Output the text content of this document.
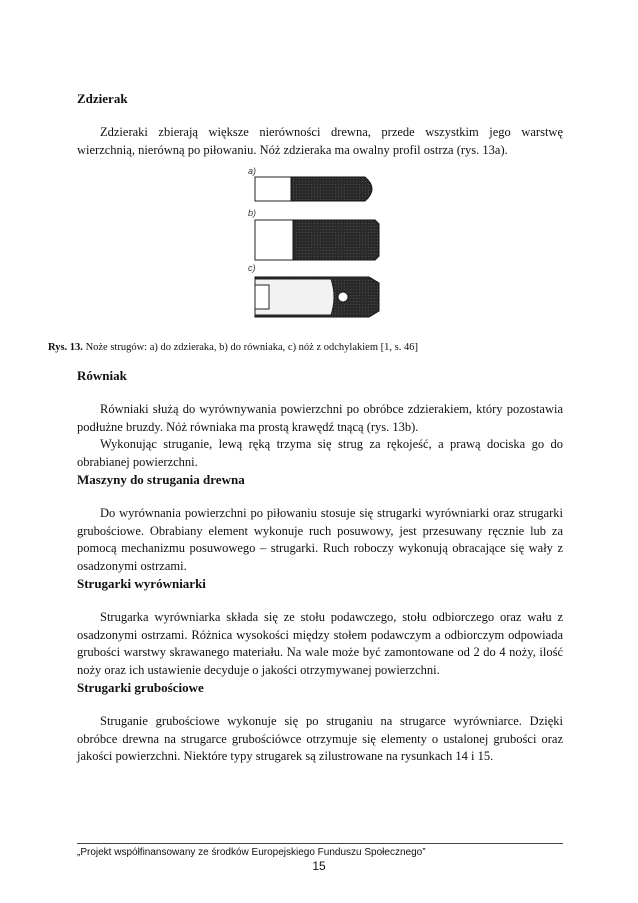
Zdzierak

Zdzieraki zbierają większe nierówności drewna, przede wszystkim jego warstwę wierzchnią, nierówną po piłowaniu. Nóż zdzieraka ma owalny profil ostrza (rys. 13a).

a)
b)
c)
Równiak

Równiaki służą do wyrównywania powierzchni po obróbce zdzierakiem, który pozostawia podłużne bruzdy. Nóż równiaka ma prostą krawędź tnącą (rys. 13b).

Wykonując struganie, lewą ręką trzyma się strug za rękojeść, a prawą dociska go do obrabianej powierzchni.

Maszyny do strugania drewna

Do wyrównania powierzchni po piłowaniu stosuje się strugarki wyrówniarki oraz strugarki grubościowe. Obrabiany element wykonuje ruch posuwowy, jest przesuwany ręcznie lub za pomocą mechanizmu posuwowego – strugarki. Ruch roboczy wykonują obracające się wały z osadzonymi ostrzami.

Strugarki wyrówniarki

Strugarka wyrówniarka składa się ze stołu podawczego, stołu odbiorczego oraz wału z osadzonymi ostrzami. Różnica wysokości między stołem podawczym a odbiorczym odpowiada grubości warstwy skrawanego materiału. Na wale może być zamontowane od 2 do 4 noży, ilość noży oraz ich ustawienie decyduje o jakości otrzymywanej powierzchni.

Strugarki grubościowe

Struganie grubościowe wykonuje się po struganiu na strugarce wyrówniarce. Dzięki obróbce drewna na strugarce grubościówce otrzymuje się elementy o ustalonej grubości oraz jakości powierzchni. Niektóre typy strugarek są zilustrowane na rysunkach 14 i 15.

Rys. 13. Noże strugów: a) do zdzieraka, b) do równiaka, c) nóż z odchylakiem [1, s. 46]
„Projekt współfinansowany ze środków Europejskiego Funduszu Społecznego”
15
